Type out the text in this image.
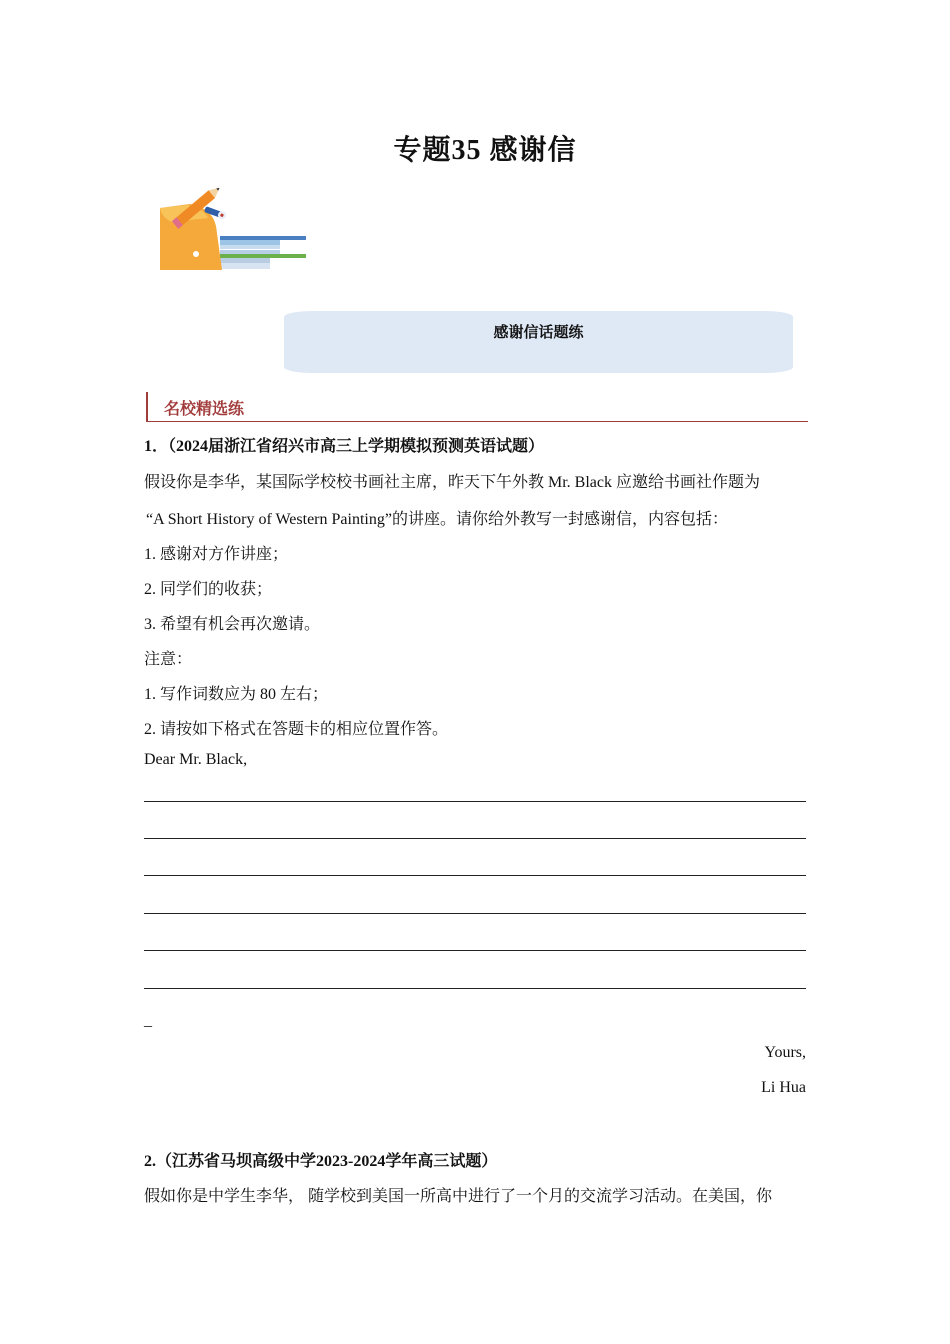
专题35 感谢信
感谢信话题练
名校精选练
1．（2024届浙江省绍兴市高三上学期模拟预测英语试题）
假设你是李华，某国际学校校书画社主席，昨天下午外教 Mr. Black 应邀给书画社作题为
“A Short History of Western Painting”的讲座。请你给外教写一封感谢信，内容包括：
1. 感谢对方作讲座；
2. 同学们的收获；
3. 希望有机会再次邀请。
注意：
1. 写作词数应为 80 左右；
2. 请按如下格式在答题卡的相应位置作答。
Dear Mr. Black,
_
Yours,
Li Hua
2.（江苏省马坝高级中学2023-2024学年高三试题）
假如你是中学生李华， 随学校到美国一所高中进行了一个月的交流学习活动。在美国，你
